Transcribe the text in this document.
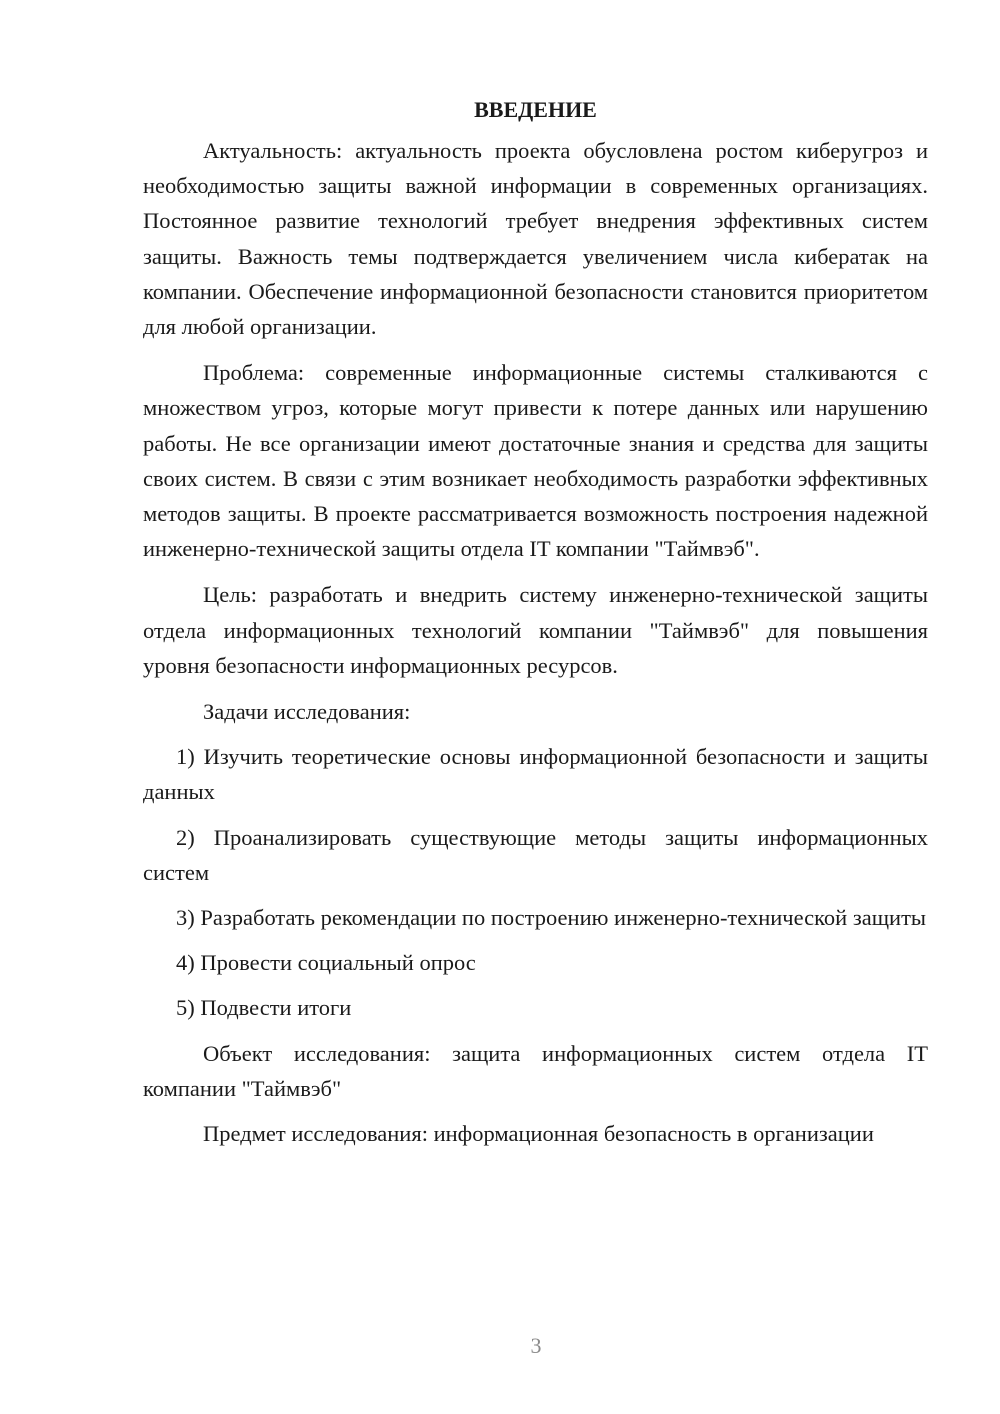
ВВЕДЕНИЕ

Актуальность: актуальность проекта обусловлена ростом киберугроз и необходимостью защиты важной информации в современных организациях. Постоянное развитие технологий требует внедрения эффективных систем защиты. Важность темы подтверждается увеличением числа кибератак на компании. Обеспечение информационной безопасности становится приоритетом для любой организации.

Проблема: современные информационные системы сталкиваются с множеством угроз, которые могут привести к потере данных или нарушению работы. Не все организации имеют достаточные знания и средства для защиты своих систем. В связи с этим возникает необходимость разработки эффективных методов защиты. В проекте рассматривается возможность построения надежной инженерно-технической защиты отдела IT компании "Таймвэб".

Цель: разработать и внедрить систему инженерно-технической защиты отдела информационных технологий компании "Таймвэб" для повышения уровня безопасности информационных ресурсов.

Задачи исследования:

1) Изучить теоретические основы информационной безопасности и защиты данных

2) Проанализировать существующие методы защиты информационных систем

3) Разработать рекомендации по построению инженерно-технической защиты

4) Провести социальный опрос

5) Подвести итоги

Объект исследования: защита информационных систем отдела IT компании "Таймвэб"

Предмет исследования: информационная безопасность в организации

3
